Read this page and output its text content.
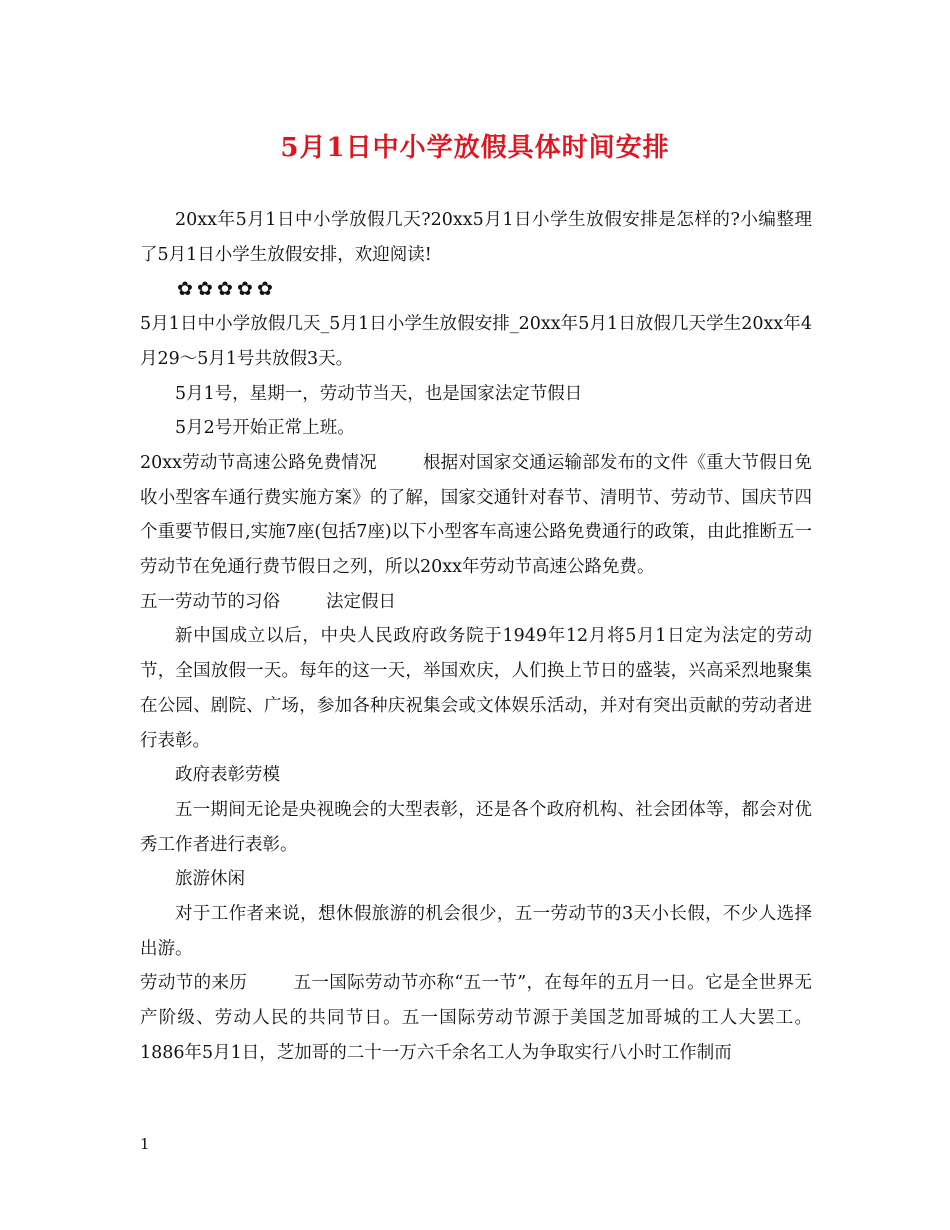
5月1日中小学放假具体时间安排

20xx年5月1日中小学放假几天?20xx5月1日小学生放假安排是怎样的?小编整理了5月1日小学生放假安排，欢迎阅读!

✿ ✿ ✿ ✿ ✿

5月1日中小学放假几天_5月1日小学生放假安排_20xx年5月1日放假几天学生20xx年4月29～5月1号共放假3天。

5月1号，星期一，劳动节当天，也是国家法定节假日

5月2号开始正常上班。

20xx劳动节高速公路免费情况	根据对国家交通运输部发布的文件《重大节假日免收小型客车通行费实施方案》的了解，国家交通针对春节、清明节、劳动节、国庆节四个重要节假日,实施7座(包括7座)以下小型客车高速公路免费通行的政策，由此推断五一劳动节在免通行费节假日之列，所以20xx年劳动节高速公路免费。

五一劳动节的习俗	法定假日

新中国成立以后，中央人民政府政务院于1949年12月将5月1日定为法定的劳动节，全国放假一天。每年的这一天，举国欢庆，人们换上节日的盛装，兴高采烈地聚集在公园、剧院、广场，参加各种庆祝集会或文体娱乐活动，并对有突出贡献的劳动者进行表彰。

政府表彰劳模

五一期间无论是央视晚会的大型表彰，还是各个政府机构、社会团体等，都会对优秀工作者进行表彰。

旅游休闲

对于工作者来说，想休假旅游的机会很少，五一劳动节的3天小长假，不少人选择出游。

劳动节的来历	五一国际劳动节亦称“五一节”，在每年的五月一日。它是全世界无产阶级、劳动人民的共同节日。五一国际劳动节源于美国芝加哥城的工人大罢工。1886年5月1日，芝加哥的二十一万六千余名工人为争取实行八小时工作制而

1
